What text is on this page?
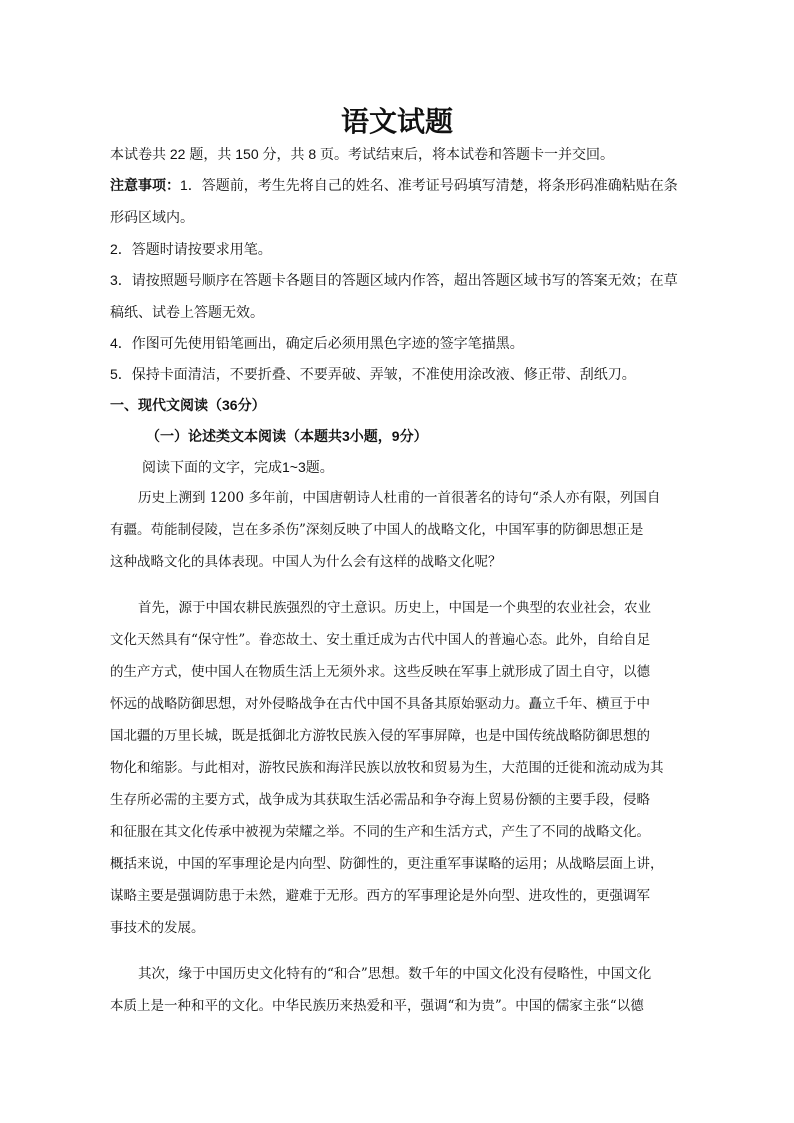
语文试题
本试卷共 22 题，共 150 分，共 8 页。考试结束后，将本试卷和答题卡一并交回。
注意事项：1．答题前，考生先将自己的姓名、准考证号码填写清楚，将条形码准确粘贴在条
形码区域内。
2．答题时请按要求用笔。
3．请按照题号顺序在答题卡各题目的答题区域内作答，超出答题区域书写的答案无效；在草
稿纸、试卷上答题无效。
4．作图可先使用铅笔画出，确定后必须用黑色字迹的签字笔描黑。
5．保持卡面清洁，不要折叠、不要弄破、弄皱，不准使用涂改液、修正带、刮纸刀。
一、现代文阅读（36分）
（一）论述类文本阅读（本题共3小题，9分）
阅读下面的文字，完成1~3题。
历史上溯到 1200 多年前，中国唐朝诗人杜甫的一首很著名的诗句“杀人亦有限，列国自
有疆。苟能制侵陵，岂在多杀伤”深刻反映了中国人的战略文化，中国军事的防御思想正是
这种战略文化的具体表现。中国人为什么会有这样的战略文化呢？
首先，源于中国农耕民族强烈的守土意识。历史上，中国是一个典型的农业社会，农业
文化天然具有“保守性”。眷恋故土、安土重迁成为古代中国人的普遍心态。此外，自给自足
的生产方式，使中国人在物质生活上无须外求。这些反映在军事上就形成了固土自守，以德
怀远的战略防御思想，对外侵略战争在古代中国不具备其原始驱动力。矗立千年、横亘于中
国北疆的万里长城，既是抵御北方游牧民族入侵的军事屏障，也是中国传统战略防御思想的
物化和缩影。与此相对，游牧民族和海洋民族以放牧和贸易为生，大范围的迁徙和流动成为其
生存所必需的主要方式，战争成为其获取生活必需品和争夺海上贸易份额的主要手段，侵略
和征服在其文化传承中被视为荣耀之举。不同的生产和生活方式，产生了不同的战略文化。
概括来说，中国的军事理论是内向型、防御性的，更注重军事谋略的运用；从战略层面上讲，
谋略主要是强调防患于未然，避难于无形。西方的军事理论是外向型、进攻性的，更强调军
事技术的发展。
其次，缘于中国历史文化特有的“和合”思想。数千年的中国文化没有侵略性，中国文化
本质上是一种和平的文化。中华民族历来热爱和平，强调“和为贵”。中国的儒家主张“以德
